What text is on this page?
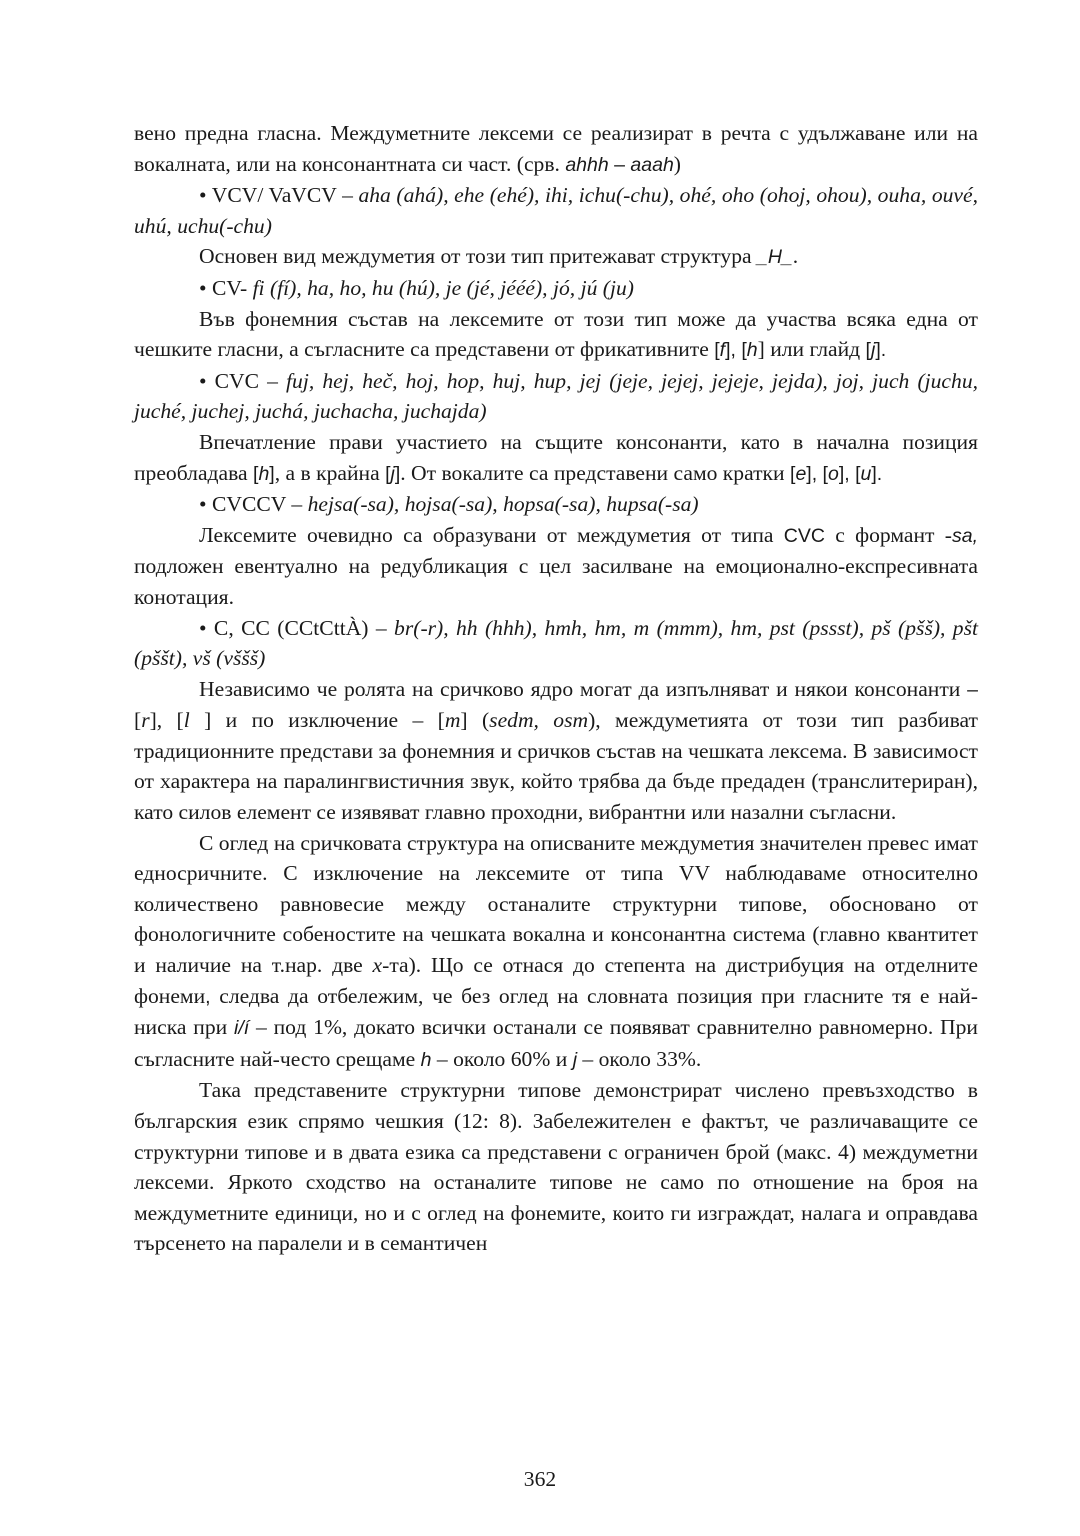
вено предна гласна. Междуметните лексеми се реализират в речта с удължаване или на вокалната, или на консонантната си част. (срв. ahhh – aaah)

• VCV/ VaVCV – aha (ahá), ehe (ehé), ihi, ichu(-chu), ohé, oho (ohoj, ohou), ouha, ouvé, uhú, uchu(-chu)

Основен вид междуметия от този тип притежават структура _H_.

• CV- fi (fí), ha, ho, hu (hú), je (jé, jééé), jó, jú (ju)

Във фонемния състав на лексемите от този тип може да участва всяка една от чешките гласни, а съгласните са представени от фрикативните [f], [h] или глайд [j].

• CVC – fuj, hej, heč, hoj, hop, huj, hup, jej (jeje, jejej, jejeje, jejda), joj, juch (juchu, juché, juchej, juchá, juchacha, juchajda)

Впечатление прави участието на същите консонанти, като в начална позиция преобладава [h], а в крайна [j]. От вокалите са представени само кратки [e], [o], [u].

• CVCCV – hejsa(-sa), hojsa(-sa), hopsa(-sa), hupsa(-sa)

Лексемите очевидно са образувани от междуметия от типа CVC с формант -sa, подложен евентуално на редубликация с цел засилване на емоционално-експресивната конотация.

• C, CC (CCtCttÀ) – br(-r), hh (hhh), hmh, hm, m (mmm), hm, pst (pssst), pš (pšš), pšt (pššt), vš (vššš)

Независимо че ролята на сричково ядро могат да изпълняват и някои консонанти – [r], [l ] и по изключение – [m] (sedm, osm), междуметията от този тип разбиват традиционните представи за фонемния и сричков състав на чешката лексема. В зависимост от характера на паралингвистичния звук, който трябва да бъде предаден (транслитериран), като силов елемент се изявяват главно проходни, вибрантни или назални съгласни.

С оглед на сричковата структура на описваните междуметия значителен превес имат едносричните. С изключение на лексемите от типа VV наблюдаваме относително количествено равновесие между останалите структурни типове, обосновано от фонологичните собеностите на чешката вокална и консонантна система (главно квантитет и наличие на т.нар. две x-та). Що се отнася до степента на дистрибуция на отделните фонеми, следва да отбележим, че без оглед на словната позиция при гласните тя е най-ниска при i/í – под 1%, докато всички останали се появяват сравнително равномерно. При съгласните най-често срещаме h – около 60% и j – около 33%.

Така представените структурни типове демонстрират числено превъзходство в българския език спрямо чешкия (12: 8). Забележителен е фактът, че различаващите се структурни типове и в двата езика са представени с ограничен брой (макс. 4) междуметни лексеми. Яркото сходство на останалите типове не само по отношение на броя на междуметните единици, но и с оглед на фонемите, които ги изграждат, налага и оправдава търсенето на паралели и в семантичен

362
